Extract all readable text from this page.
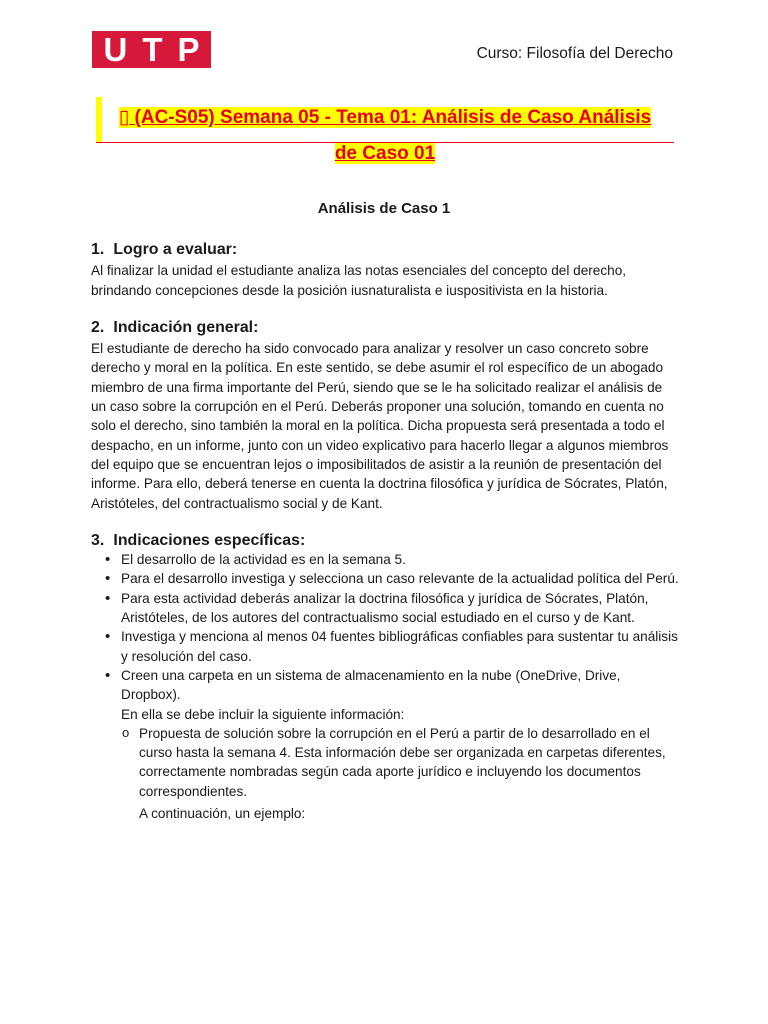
U T P	Curso: Filosofía del Derecho
▯ (AC-S05) Semana 05 - Tema 01: Análisis de Caso Análisis
de Caso 01
Análisis de Caso 1
1. Logro a evaluar:

Al finalizar la unidad el estudiante analiza las notas esenciales del concepto del derecho, brindando concepciones desde la posición iusnaturalista e iuspositivista en la historia.

2. Indicación general:

El estudiante de derecho ha sido convocado para analizar y resolver un caso concreto sobre derecho y moral en la política. En este sentido, se debe asumir el rol específico de un abogado miembro de una firma importante del Perú, siendo que se le ha solicitado realizar el análisis de un caso sobre la corrupción en el Perú. Deberás proponer una solución, tomando en cuenta no solo el derecho, sino también la moral en la política. Dicha propuesta será presentada a todo el despacho, en un informe, junto con un video explicativo para hacerlo llegar a algunos miembros del equipo que se encuentran lejos o imposibilitados de asistir a la reunión de presentación del informe. Para ello, deberá tenerse en cuenta la doctrina filosófica y jurídica de Sócrates, Platón, Aristóteles, del contractualismo social y de Kant.

3. Indicaciones específicas:
• El desarrollo de la actividad es en la semana 5.
• Para el desarrollo investiga y selecciona un caso relevante de la actualidad política del Perú.
• Para esta actividad deberás analizar la doctrina filosófica y jurídica de Sócrates, Platón, Aristóteles, de los autores del contractualismo social estudiado en el curso y de Kant.
• Investiga y menciona al menos 04 fuentes bibliográficas confiables para sustentar tu análisis y resolución del caso.
• Creen una carpeta en un sistema de almacenamiento en la nube (OneDrive, Drive, Dropbox).
En ella se debe incluir la siguiente información:
o Propuesta de solución sobre la corrupción en el Perú a partir de lo desarrollado en el curso hasta la semana 4. Esta información debe ser organizada en carpetas diferentes, correctamente nombradas según cada aporte jurídico e incluyendo los documentos correspondientes.
A continuación, un ejemplo:
